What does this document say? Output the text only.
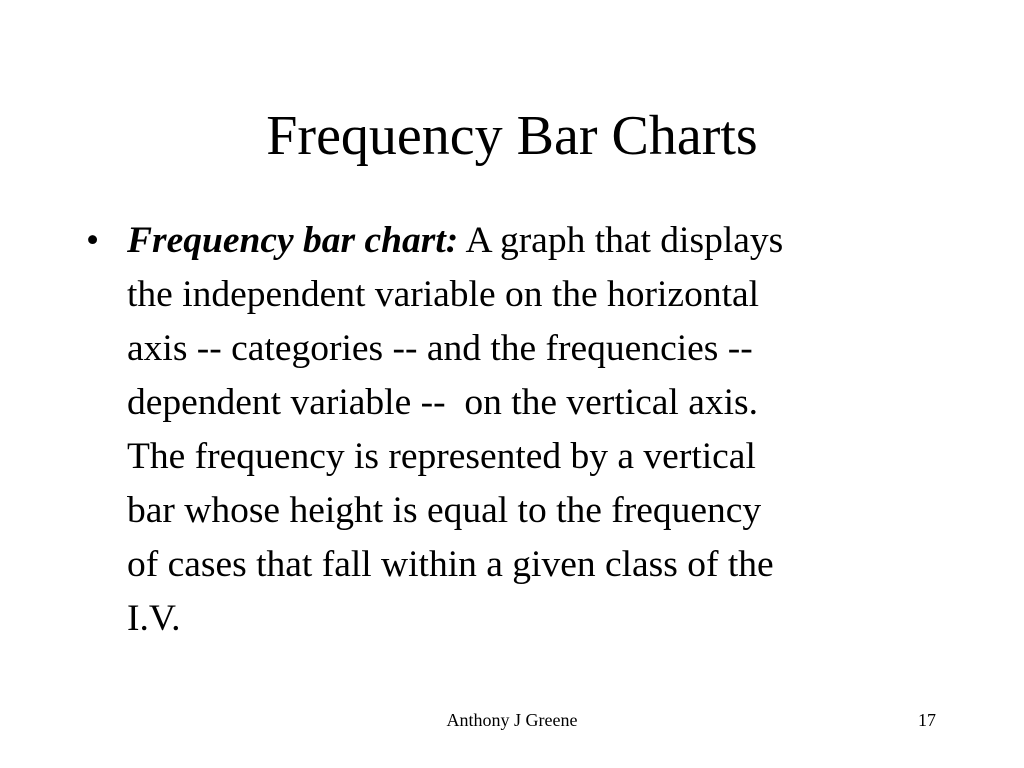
Frequency Bar Charts
• Frequency bar chart: A graph that displays
the independent variable on the horizontal
axis -- categories -- and the frequencies --
dependent variable --  on the vertical axis.
The frequency is represented by a vertical
bar whose height is equal to the frequency
of cases that fall within a given class of the
I.V.
Anthony J Greene	17
